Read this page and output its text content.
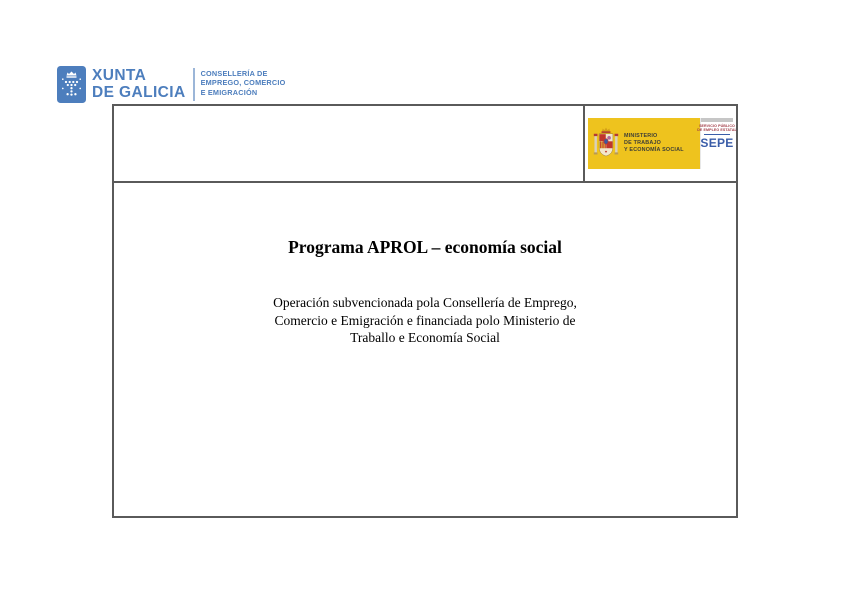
XUNTA
DE GALICIA
CONSELLERÍA DE
EMPREGO, COMERCIO
E EMIGRACIÓN
MINISTERIO
DE TRABAJO
Y ECONOMÍA SOCIAL
SERVICIO PÚBLICO
DE EMPLEO ESTATAL
SEPE
Programa APROL – economía social
Operación subvencionada pola Consellería de Emprego,
Comercio e Emigración e financiada polo Ministerio de
Traballo e Economía Social
